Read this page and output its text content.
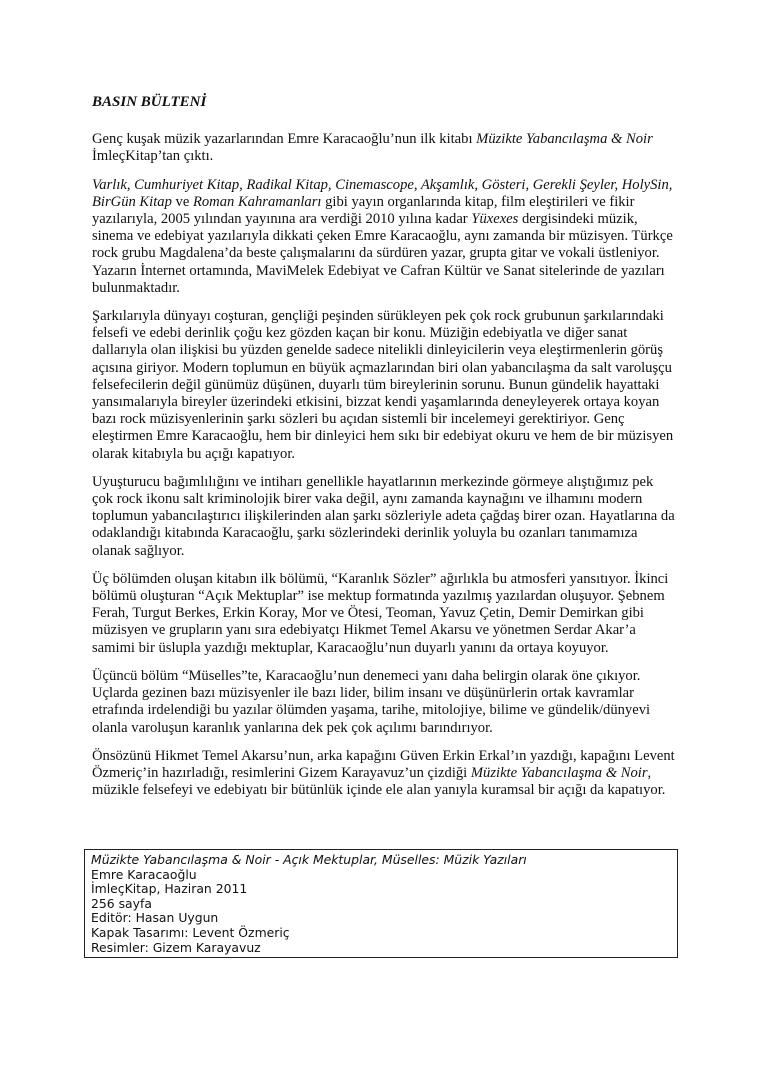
BASIN BÜLTENİ
Genç kuşak müzik yazarlarından Emre Karacaoğlu’nun ilk kitabı Müzikte Yabancılaşma & Noir İmleçKitap’tan çıktı.
Varlık, Cumhuriyet Kitap, Radikal Kitap, Cinemascope, Akşamlık, Gösteri, Gerekli Şeyler, HolySin, BirGün Kitap ve Roman Kahramanları gibi yayın organlarında kitap, film eleştirileri ve fikir yazılarıyla, 2005 yılından yayınına ara verdiği 2010 yılına kadar Yüxexes dergisindeki müzik, sinema ve edebiyat yazılarıyla dikkati çeken Emre Karacaoğlu, aynı zamanda bir müzisyen. Türkçe rock grubu Magdalena’da beste çalışmalarını da sürdüren yazar, grupta gitar ve vokali üstleniyor. Yazarın İnternet ortamında, MaviMelek Edebiyat ve Cafran Kültür ve Sanat sitelerinde de yazıları bulunmaktadır.
Şarkılarıyla dünyayı coşturan, gençliği peşinden sürükleyen pek çok rock grubunun şarkılarındaki felsefi ve edebi derinlik çoğu kez gözden kaçan bir konu. Müziğin edebiyatla ve diğer sanat dallarıyla olan ilişkisi bu yüzden genelde sadece nitelikli dinleyicilerin veya eleştirmenlerin görüş açısına giriyor. Modern toplumun en büyük açmazlarından biri olan yabancılaşma da salt varoluşçu felsefecilerin değil günümüz düşünen, duyarlı tüm bireylerinin sorunu. Bunun gündelik hayattaki yansımalarıyla bireyler üzerindeki etkisini, bizzat kendi yaşamlarında deneyleyerek ortaya koyan bazı rock müzisyenlerinin şarkı sözleri bu açıdan sistemli bir incelemeyi gerektiriyor. Genç eleştirmen Emre Karacaoğlu, hem bir dinleyici hem sıkı bir edebiyat okuru ve hem de bir müzisyen olarak kitabıyla bu açığı kapatıyor.
Uyuşturucu bağımlılığını ve intiharı genellikle hayatlarının merkezinde görmeye alıştığımız pek çok rock ikonu salt kriminolojik birer vaka değil, aynı zamanda kaynağını ve ilhamını modern toplumun yabancılaştırıcı ilişkilerinden alan şarkı sözleriyle adeta çağdaş birer ozan. Hayatlarına da odaklandığı kitabında Karacaoğlu, şarkı sözlerindeki derinlik yoluyla bu ozanları tanımamıza olanak sağlıyor.
Üç bölümden oluşan kitabın ilk bölümü, “Karanlık Sözler” ağırlıkla bu atmosferi yansıtıyor. İkinci bölümü oluşturan “Açık Mektuplar” ise mektup formatında yazılmış yazılardan oluşuyor. Şebnem Ferah, Turgut Berkes, Erkin Koray, Mor ve Ötesi, Teoman, Yavuz Çetin, Demir Demirkan gibi müzisyen ve grupların yanı sıra edebiyatçı Hikmet Temel Akarsu ve yönetmen Serdar Akar’a samimi bir üslupla yazdığı mektuplar, Karacaoğlu’nun duyarlı yanını da ortaya koyuyor.
Üçüncü bölüm “Müselles”te, Karacaoğlu’nun denemeci yanı daha belirgin olarak öne çıkıyor. Uçlarda gezinen bazı müzisyenler ile bazı lider, bilim insanı ve düşünürlerin ortak kavramlar etrafında irdelendiği bu yazılar ölümden yaşama, tarihe, mitolojiye, bilime ve gündelik/dünyevi olanla varoluşun karanlık yanlarına dek pek çok açılımı barındırıyor.
Önsözünü Hikmet Temel Akarsu’nun, arka kapağını Güven Erkin Erkal’ın yazdığı, kapağını Levent Özmeriç’in hazırladığı, resimlerini Gizem Karayavuz’un çizdiği Müzikte Yabancılaşma & Noir, müzikle felsefeyi ve edebiyatı bir bütünlük içinde ele alan yanıyla kuramsal bir açığı da kapatıyor.
Müzikte Yabancılaşma & Noir - Açık Mektuplar, Müselles: Müzik Yazıları
Emre Karacaoğlu
İmleçKitap, Haziran 2011
256 sayfa
Editör: Hasan Uygun
Kapak Tasarımı: Levent Özmeriç
Resimler: Gizem Karayavuz
